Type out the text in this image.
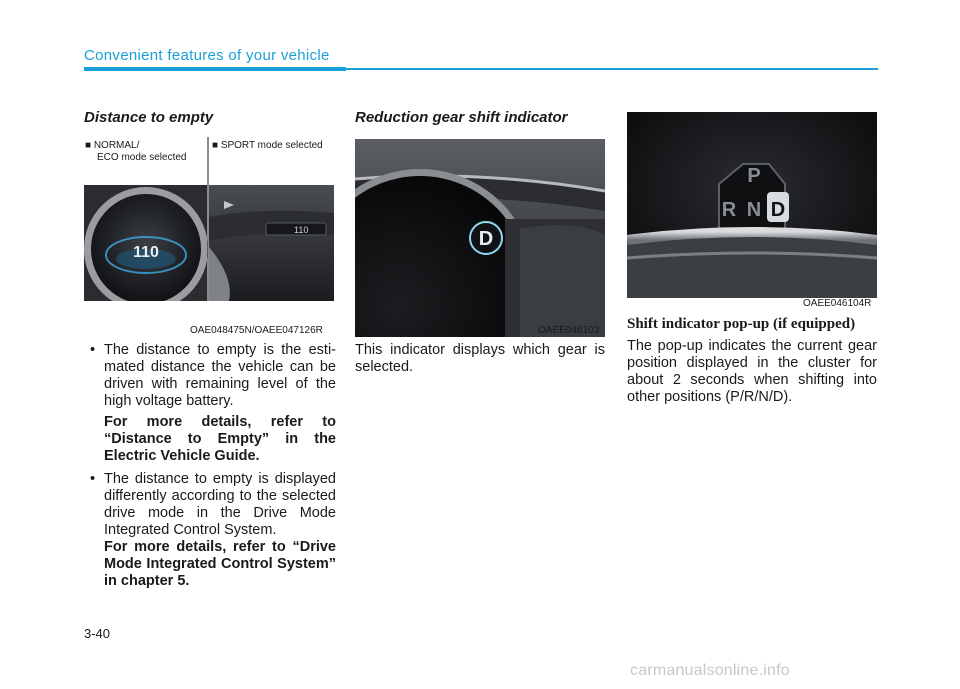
Convenient features of your vehicle
Distance to empty
110
110
■ NORMAL/
ECO mode selected
■ SPORT mode selected
OAE048475N/OAEE047126R
• The distance to empty is the esti- mated distance the vehicle can be driven with remaining level of the high voltage battery.
For more details, refer to “Distance to Empty” in the Electric Vehicle Guide.
• The distance to empty is displayed differently according to the selected drive mode in the Drive Mode Integrated Control System.
For more details, refer to “Drive Mode Integrated Control System” in chapter 5.
Reduction gear shift indicator
D
OAEE046103
This indicator displays which gear is selected.
P
R N D
OAEE046104R
Shift indicator pop-up (if equipped)
The pop-up indicates the current gear position displayed in the cluster for about 2 seconds when shifting into other positions (P/R/N/D).
3-40
carmanualsonline.info
